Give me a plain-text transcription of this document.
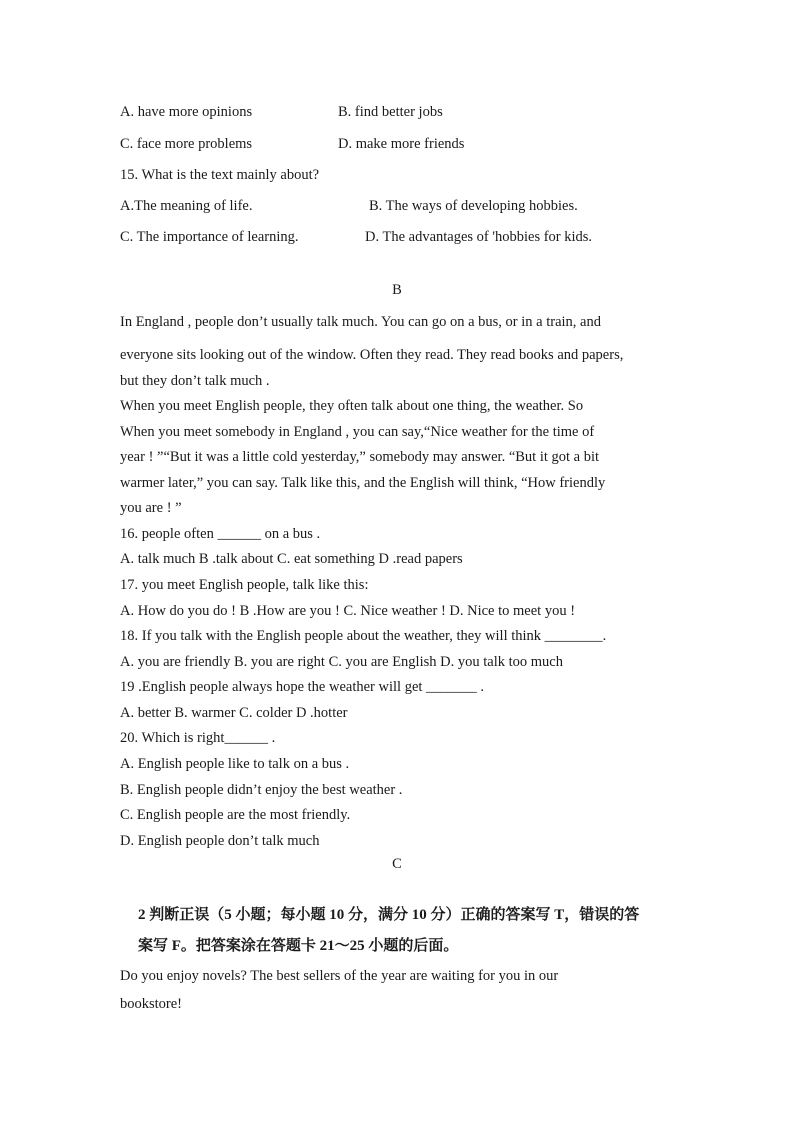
A. have more opinions	B. find better jobs
C. face more problems	D. make more friends
15. What is the text mainly about?
A.The meaning of life.	B. The ways of developing hobbies.
C. The importance of learning.	D. The advantages of 'hobbies for kids.
B
In England , people don’t usually talk much. You can go on a bus, or in a train, and
everyone sits looking out of the window. Often they read. They read books and papers,
but they don’t talk much .
When you meet English people, they often talk about one thing, the weather. So
When you meet somebody in England , you can say,“Nice weather for the time of
year ! ”“But it was a little cold yesterday,” somebody may answer. “But it got a bit
warmer later,” you can say. Talk like this, and the English will think, “How friendly
you are ! ”
16. people often ______ on a bus .
A. talk much B .talk about C. eat something D .read papers
17. you meet English people, talk like this:
A. How do you do ! B .How are you ! C. Nice weather ! D. Nice to meet you !
18. If you talk with the English people about the weather, they will think ________.
A. you are friendly B. you are right C. you are English D. you talk too much
19 .English people always hope the weather will get _______ .
A. better B. warmer C. colder D .hotter
20. Which is right______ .
A. English people like to talk on a bus .
B. English people didn’t enjoy the best weather .
C. English people are the most friendly.
D. English people don’t talk much
C
2 判断正误（5 小题；每小题 10 分，满分 10 分）正确的答案写 T，错误的答
案写 F。把答案涂在答题卡 21～25 小题的后面。
Do you enjoy novels? The best sellers of the year are waiting for you in our
bookstore!
